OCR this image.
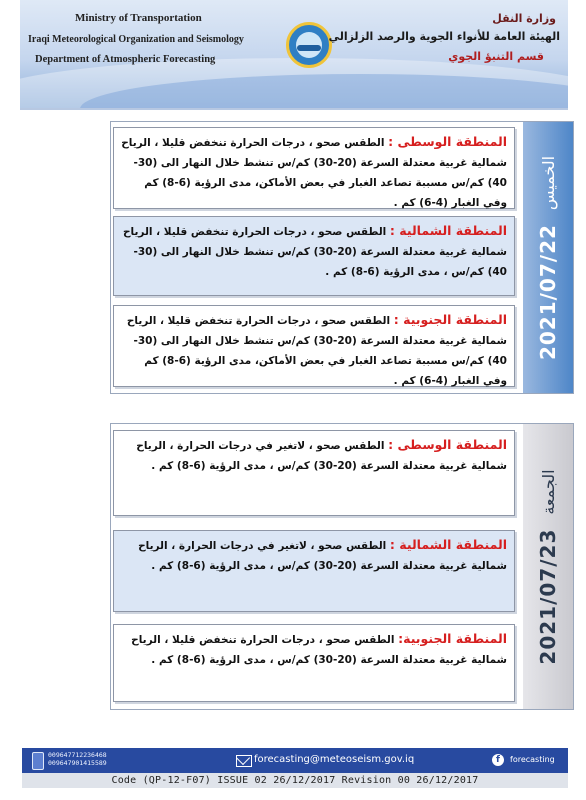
Ministry of Transportation
Iraqi Meteorological Organization and Seismology
Department of Atmospheric Forecasting
وزارة النقل
الهيئة العامة للأنواء الجوية والرصد الزلزالي
قسم التنبؤ الجوي
الخميس
2021/07/22
المنطقة الوسطى : الطقس صحو ، درجات الحرارة تنخفض قليلا ، الرياح شمالية غربية معتدلة السرعة (20-30) كم/س تنشط خلال النهار الى (30-40) كم/س مسببة تصاعد الغبار في بعض الأماكن، مدى الرؤية (6-8) كم وفي الغبار (4-6) كم .
المنطقة الشمالية : الطقس صحو ، درجات الحرارة تنخفض قليلا ، الرياح شمالية غربية معتدلة السرعة (20-30) كم/س تنشط خلال النهار الى (30-40) كم/س ، مدى الرؤية (6-8) كم .
المنطقة الجنوبية : الطقس صحو ، درجات الحرارة تنخفض قليلا ، الرياح شمالية غربية معتدلة السرعة (20-30) كم/س تنشط خلال النهار الى (30-40) كم/س مسببة تصاعد الغبار في بعض الأماكن، مدى الرؤية (6-8) كم وفي الغبار (4-6) كم .
الجمعة
2021/07/23
المنطقة الوسطى : الطقس صحو ، لاتغير في درجات الحرارة ، الرياح شمالية غربية معتدلة السرعة (20-30) كم/س ، مدى الرؤية (6-8) كم .
المنطقة الشمالية : الطقس صحو ، لاتغير في درجات الحرارة ، الرياح شمالية غربية معتدلة السرعة (20-30) كم/س ، مدى الرؤية (6-8) كم .
المنطقة الجنوبية: الطقس صحو ، درجات الحرارة تنخفض قليلا ، الرياح شمالية غربية معتدلة السرعة (20-30) كم/س ، مدى الرؤية (6-8) كم .
009647712236468
009647901415589	forecasting@meteoseism.gov.iq	f	forecasting
Code (QP-12-F07) ISSUE 02 26/12/2017 Revision 00 26/12/2017
